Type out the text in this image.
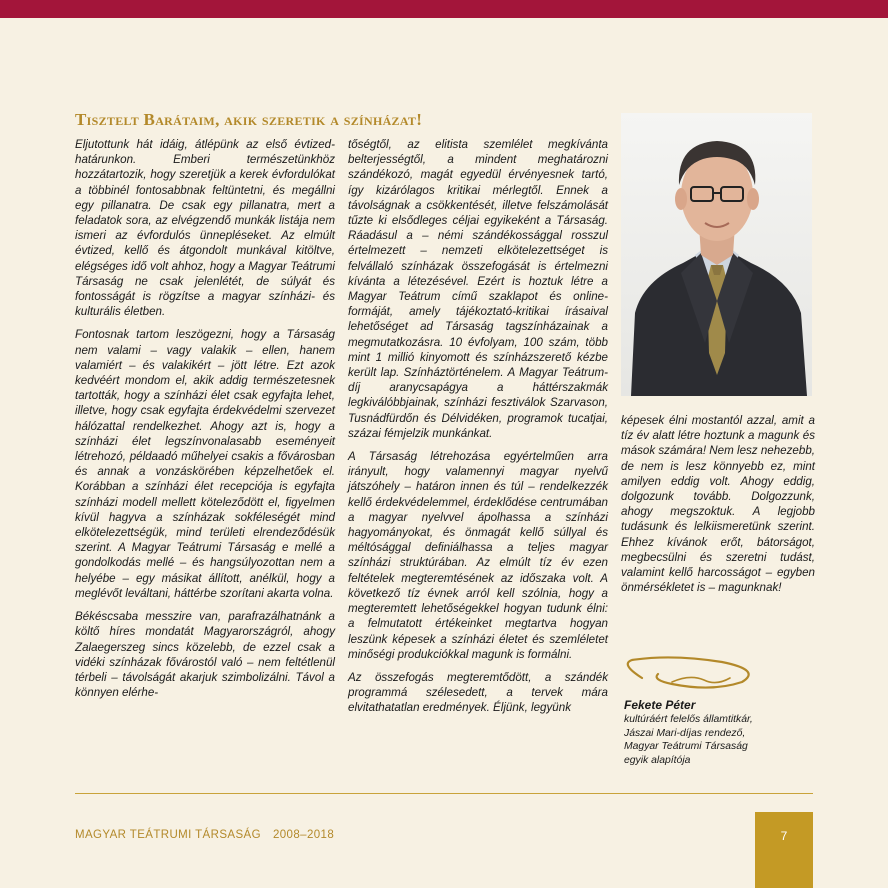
Tisztelt Barátaim, akik szeretik a színházat!

Eljutottunk hát idáig, átlépünk az első évtized-határunkon. Emberi természetünkhöz hozzátartozik, hogy szeretjük a kerek évfordulókat a többinél fontosabbnak feltüntetni, és megállni egy pillanatra. De csak egy pillanatra, mert a feladatok sora, az elvégzendő munkák listája nem ismeri az évfordulós ünnepléseket. Az elmúlt évtized, kellő és átgondolt munkával kitöltve, elégséges idő volt ahhoz, hogy a Magyar Teátrumi Társaság ne csak jelenlétét, de súlyát és fontosságát is rögzítse a magyar színházi- és kulturális életben.

Fontosnak tartom leszögezni, hogy a Társaság nem valami – vagy valakik – ellen, hanem valamiért – és valakikért – jött létre. Ezt azok kedvéért mondom el, akik addig természetesnek tartották, hogy a színházi élet csak egyfajta lehet, illetve, hogy csak egyfajta érdekvédelmi szervezet hálózattal rendelkezhet. Ahogy azt is, hogy a színházi élet legszínvonalasabb eseményeit létrehozó, példaadó műhelyei csakis a fővárosban és annak a vonzáskörében képzelhetőek el. Korábban a színházi élet recepciója is egyfajta színházi modell mellett köteleződött el, figyelmen kívül hagyva a színházak sokféleségét mind elkötelezettségük, mind területi elrendeződésük szerint. A Magyar Teátrumi Társaság e mellé a gondolkodás mellé – és hangsúlyozottan nem a helyébe – egy másikat állított, anélkül, hogy a meglévőt leváltani, háttérbe szorítani akarta volna.

Békéscsaba messzire van, parafrazálhatnánk a költő híres mondatát Magyarországról, ahogy Zalaegerszeg sincs közelebb, de ezzel csak a vidéki színházak fővárostól való – nem feltétlenül térbeli – távolságát akarjuk szimbolizálni. Távol a könnyen elérhe-

tőségtől, az elitista szemlélet megkívánta belterjességtől, a mindent meghatározni szándékozó, magát egyedül érvényesnek tartó, így kizárólagos kritikai mérlegtől. Ennek a távolságnak a csökkentését, illetve felszámolását tűzte ki elsődleges céljai egyikeként a Társaság. Ráadásul a – némi szándékossággal rosszul értelmezett – nemzeti elkötelezettséget is felvállaló színházak összefogását is értelmezni kívánta a létezésével. Ezért is hoztuk létre a Magyar Teátrum című szaklapot és online-formáját, amely tájékoztató-kritikai írásaival lehetőséget ad Társaság tagszínházainak a megmutatkozásra. 10 évfolyam, 100 szám, több mint 1 millió kinyomott és színházszerető kézbe került lap. Színháztörténelem. A Magyar Teátrum-díj aranycsapágya a háttérszakmák legkiválóbbjainak, színházi fesztiválok Szarvason, Tusnádfürdőn és Délvidéken, programok tucatjai, százai fémjelzik munkánkat.

A Társaság létrehozása egyértelműen arra irányult, hogy valamennyi magyar nyelvű játszóhely – határon innen és túl – rendelkezzék kellő érdekvédelemmel, érdeklődése centrumában a magyar nyelvvel ápolhassa a színházi hagyományokat, és önmagát kellő súllyal és méltósággal definiálhassa a teljes magyar színházi struktúrában. Az elmúlt tíz év ezen feltételek megteremtésének az időszaka volt. A következő tíz évnek arról kell szólnia, hogy a megteremtett lehetőségekkel hogyan tudunk élni: a felmutatott értékeinket megtartva hogyan leszünk képesek a színházi életet és szemléletet minőségi produkciókkal magunk is formálni.

Az összefogás megteremtődött, a szándék programmá szélesedett, a tervek mára elvitathatatlan eredmények. Éljünk, legyünk

képesek élni mostantól azzal, amit a tíz év alatt létre hoztunk a magunk és mások számára! Nem lesz nehezebb, de nem is lesz könnyebb ez, mint amilyen eddig volt. Ahogy eddig, dolgozunk tovább. Dolgozzunk, ahogy megszoktuk. A legjobb tudásunk és lelkiismeretünk szerint. Ehhez kívánok erőt, bátorságot, megbecsülni és szeretni tudást, valamint kellő harcosságot – egyben önmérsékletet is – magunknak!

Fekete Péter
kultúráért felelős államtitkár,
Jászai Mari-díjas rendező,
Magyar Teátrumi Társaság
egyik alapítója
MAGYAR TEÁTRUMI TÁRSASÁG 2008–2018	7
